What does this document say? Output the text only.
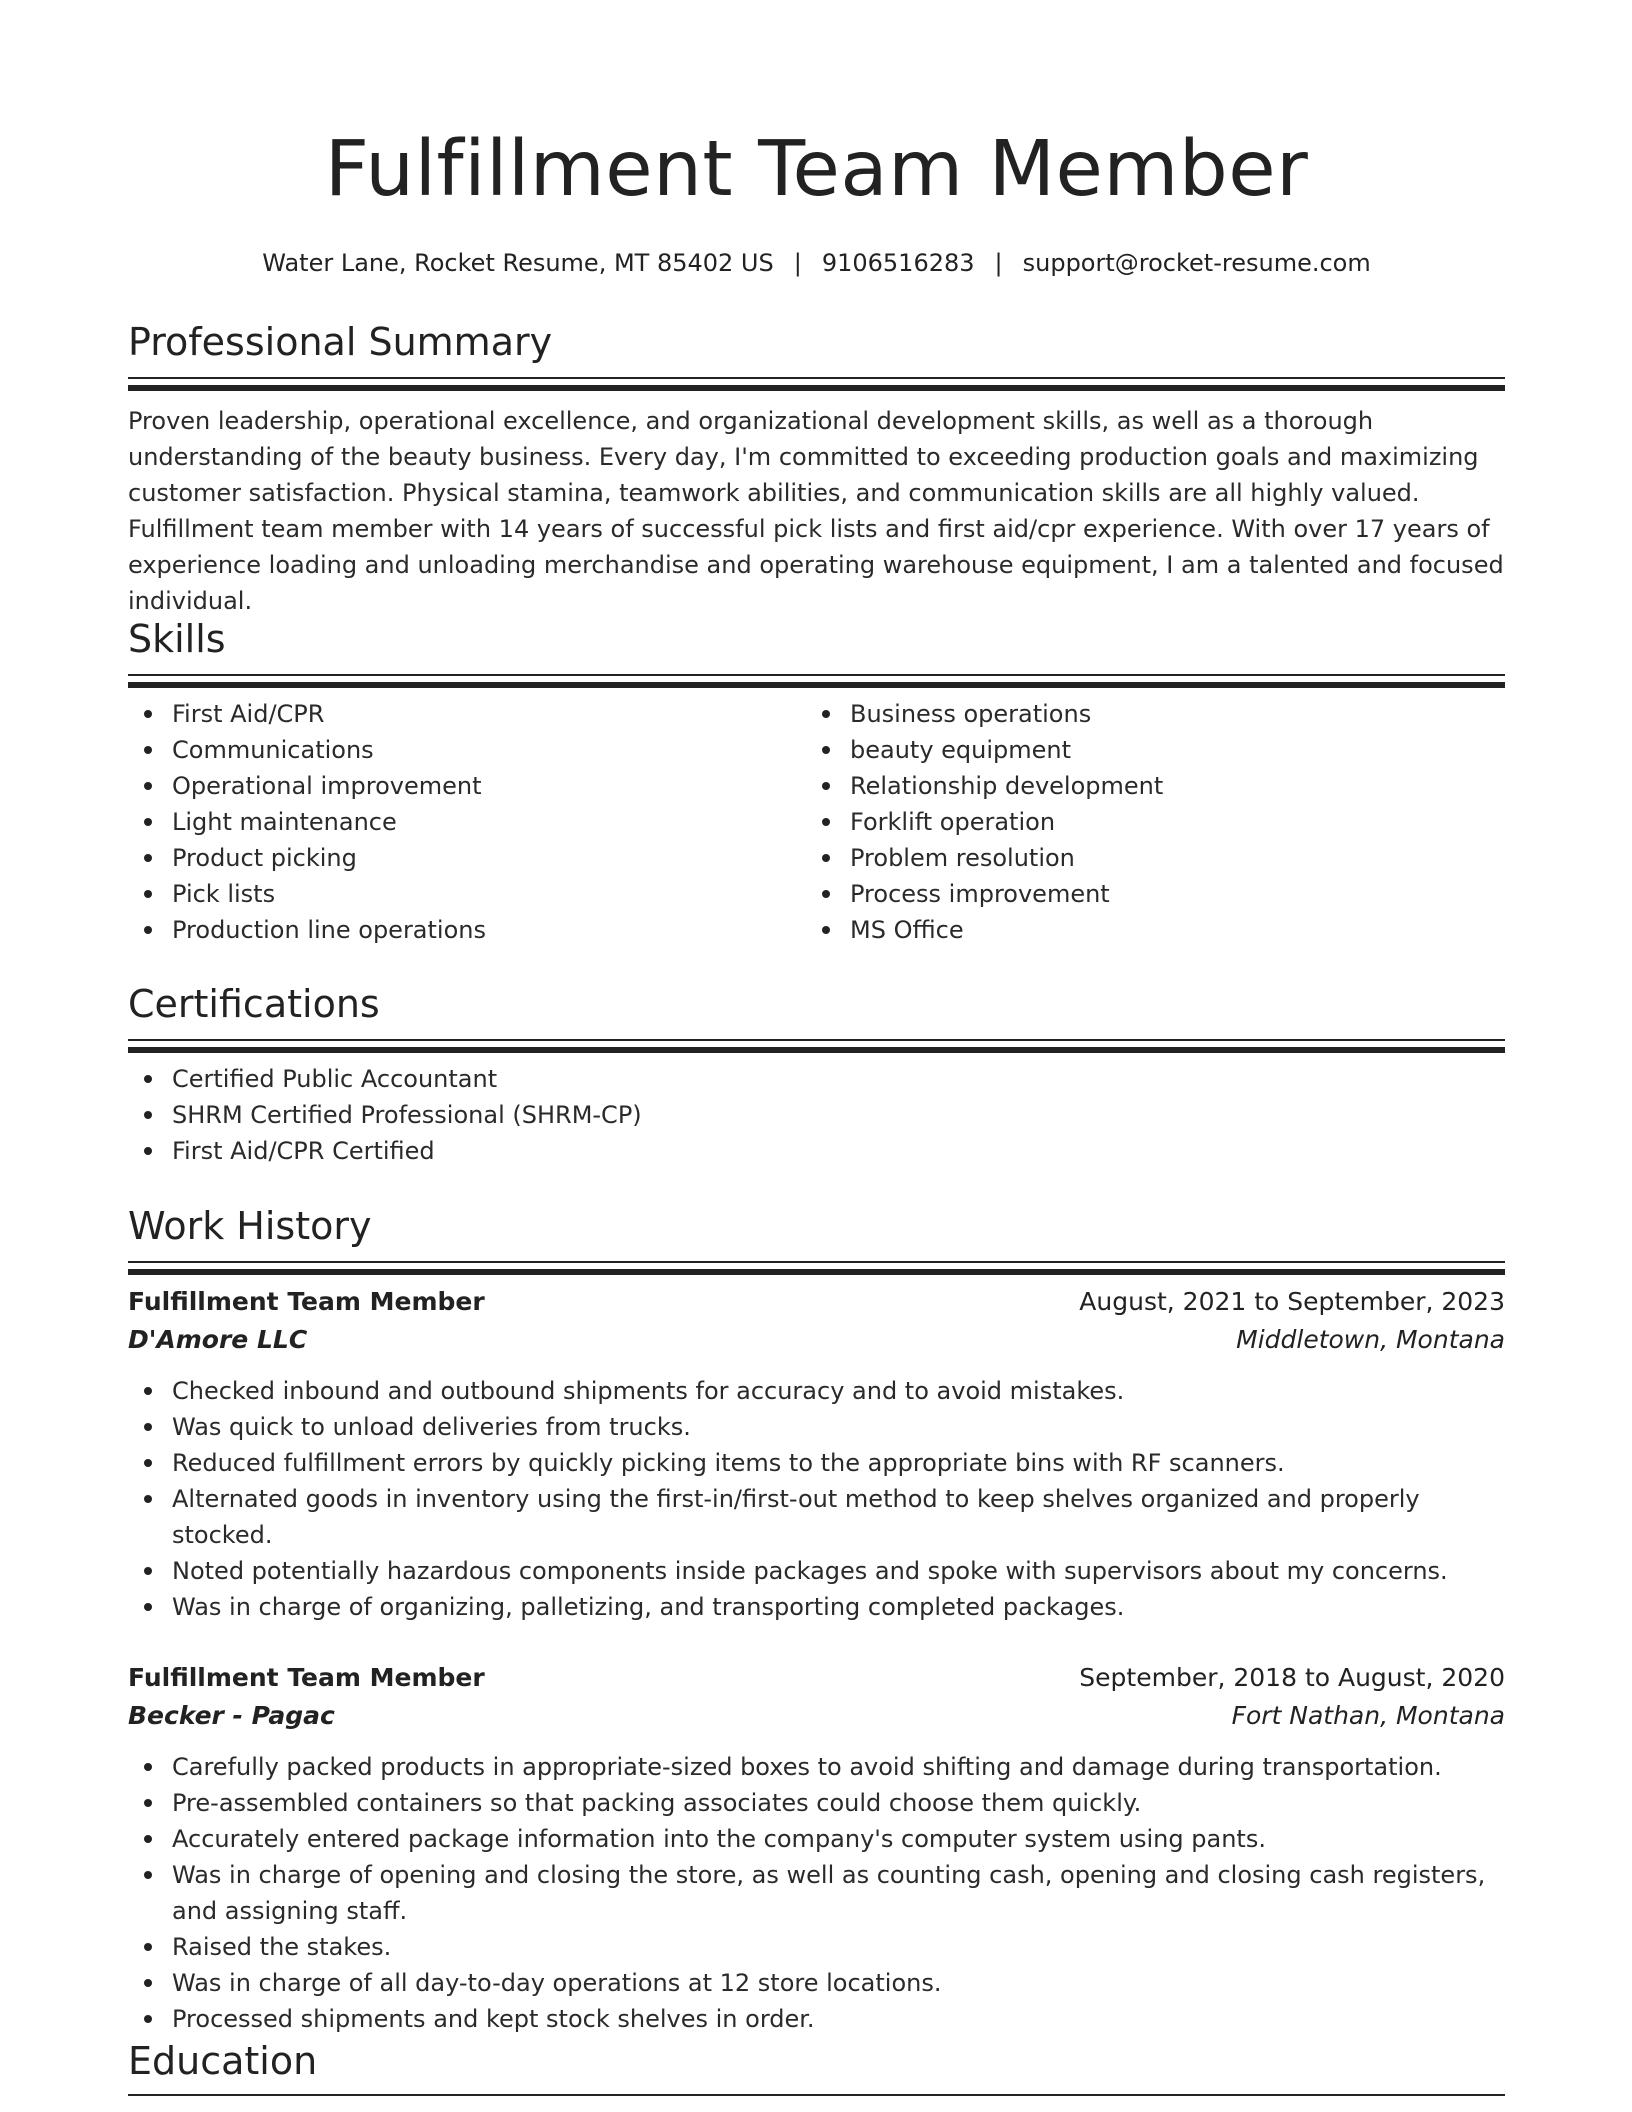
Fulfillment Team Member
Water Lane, Rocket Resume, MT 85402 US | 9106516283 | support@rocket-resume.com
Professional Summary
Proven leadership, operational excellence, and organizational development skills, as well as a thorough understanding of the beauty business. Every day, I'm committed to exceeding production goals and maximizing customer satisfaction. Physical stamina, teamwork abilities, and communication skills are all highly valued. Fulfillment team member with 14 years of successful pick lists and first aid/cpr experience. With over 17 years of experience loading and unloading merchandise and operating warehouse equipment, I am a talented and focused individual.
Skills
First Aid/CPR
Communications
Operational improvement
Light maintenance
Product picking
Pick lists
Production line operations
Business operations
beauty equipment
Relationship development
Forklift operation
Problem resolution
Process improvement
MS Office
Certifications
Certified Public Accountant
SHRM Certified Professional (SHRM-CP)
First Aid/CPR Certified
Work History
Fulfillment Team Member	August, 2021 to September, 2023
D'Amore LLC	Middletown, Montana
Checked inbound and outbound shipments for accuracy and to avoid mistakes.
Was quick to unload deliveries from trucks.
Reduced fulfillment errors by quickly picking items to the appropriate bins with RF scanners.
Alternated goods in inventory using the first-in/first-out method to keep shelves organized and properly stocked.
Noted potentially hazardous components inside packages and spoke with supervisors about my concerns.
Was in charge of organizing, palletizing, and transporting completed packages.
Fulfillment Team Member	September, 2018 to August, 2020
Becker - Pagac	Fort Nathan, Montana
Carefully packed products in appropriate-sized boxes to avoid shifting and damage during transportation.
Pre-assembled containers so that packing associates could choose them quickly.
Accurately entered package information into the company's computer system using pants.
Was in charge of opening and closing the store, as well as counting cash, opening and closing cash registers, and assigning staff.
Raised the stakes.
Was in charge of all day-to-day operations at 12 store locations.
Processed shipments and kept stock shelves in order.
Education
